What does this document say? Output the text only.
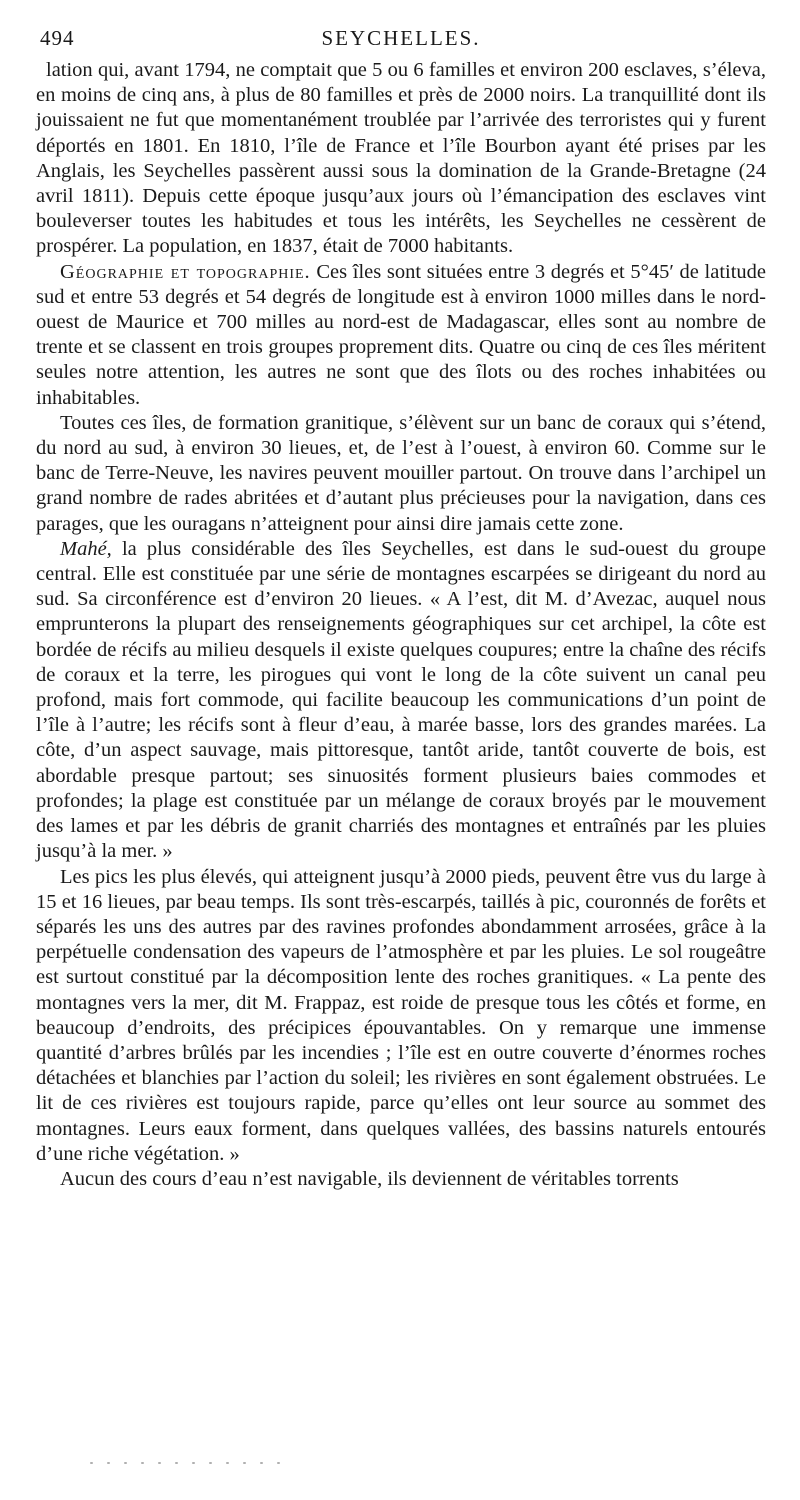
494	SEYCHELLES.

lation qui, avant 1794, ne comptait que 5 ou 6 familles et environ 200 esclaves, s’éleva, en moins de cinq ans, à plus de 80 familles et près de 2000 noirs. La tranquillité dont ils jouissaient ne fut que momentanément troublée par l’arrivée des terroristes qui y furent déportés en 1801. En 1810, l’île de France et l’île Bourbon ayant été prises par les Anglais, les Seychelles passèrent aussi sous la domination de la Grande-Bretagne (24 avril 1811). Depuis cette époque jusqu’aux jours où l’émancipation des esclaves vint bouleverser toutes les habitudes et tous les intérêts, les Seychelles ne cessèrent de prospérer. La population, en 1837, était de 7000 habitants.

Géographie et topographie. Ces îles sont situées entre 3 degrés et 5°45′ de latitude sud et entre 53 degrés et 54 degrés de longitude est à environ 1000 milles dans le nord-ouest de Maurice et 700 milles au nord-est de Madagascar, elles sont au nombre de trente et se classent en trois groupes proprement dits. Quatre ou cinq de ces îles méritent seules notre attention, les autres ne sont que des îlots ou des roches inhabitées ou inhabitables.

Toutes ces îles, de formation granitique, s’élèvent sur un banc de coraux qui s’étend, du nord au sud, à environ 30 lieues, et, de l’est à l’ouest, à environ 60. Comme sur le banc de Terre-Neuve, les navires peuvent mouiller partout. On trouve dans l’archipel un grand nombre de rades abritées et d’autant plus précieuses pour la navigation, dans ces parages, que les ouragans n’atteignent pour ainsi dire jamais cette zone.

Mahé, la plus considérable des îles Seychelles, est dans le sud-ouest du groupe central. Elle est constituée par une série de montagnes escarpées se dirigeant du nord au sud. Sa circonférence est d’environ 20 lieues. « A l’est, dit M. d’Avezac, auquel nous emprunterons la plupart des renseignements géographiques sur cet archipel, la côte est bordée de récifs au milieu desquels il existe quelques coupures; entre la chaîne des récifs de coraux et la terre, les pirogues qui vont le long de la côte suivent un canal peu profond, mais fort commode, qui facilite beaucoup les communications d’un point de l’île à l’autre; les récifs sont à fleur d’eau, à marée basse, lors des grandes marées. La côte, d’un aspect sauvage, mais pittoresque, tantôt aride, tantôt couverte de bois, est abordable presque partout; ses sinuosités forment plusieurs baies commodes et profondes; la plage est constituée par un mélange de coraux broyés par le mouvement des lames et par les débris de granit charriés des montagnes et entraînés par les pluies jusqu’à la mer. »

Les pics les plus élevés, qui atteignent jusqu’à 2000 pieds, peuvent être vus du large à 15 et 16 lieues, par beau temps. Ils sont très-escarpés, taillés à pic, couronnés de forêts et séparés les uns des autres par des ravines profondes abondamment arrosées, grâce à la perpétuelle condensation des vapeurs de l’atmosphère et par les pluies. Le sol rougeâtre est surtout constitué par la décomposition lente des roches granitiques. « La pente des montagnes vers la mer, dit M. Frappaz, est roide de presque tous les côtés et forme, en beaucoup d’endroits, des précipices épouvantables. On y remarque une immense quantité d’arbres brûlés par les incendies ; l’île est en outre couverte d’énormes roches détachées et blanchies par l’action du soleil; les rivières en sont également obstruées. Le lit de ces rivières est toujours rapide, parce qu’elles ont leur source au sommet des montagnes. Leurs eaux forment, dans quelques vallées, des bassins naturels entourés d’une riche végétation. »

Aucun des cours d’eau n’est navigable, ils deviennent de véritables torrents
